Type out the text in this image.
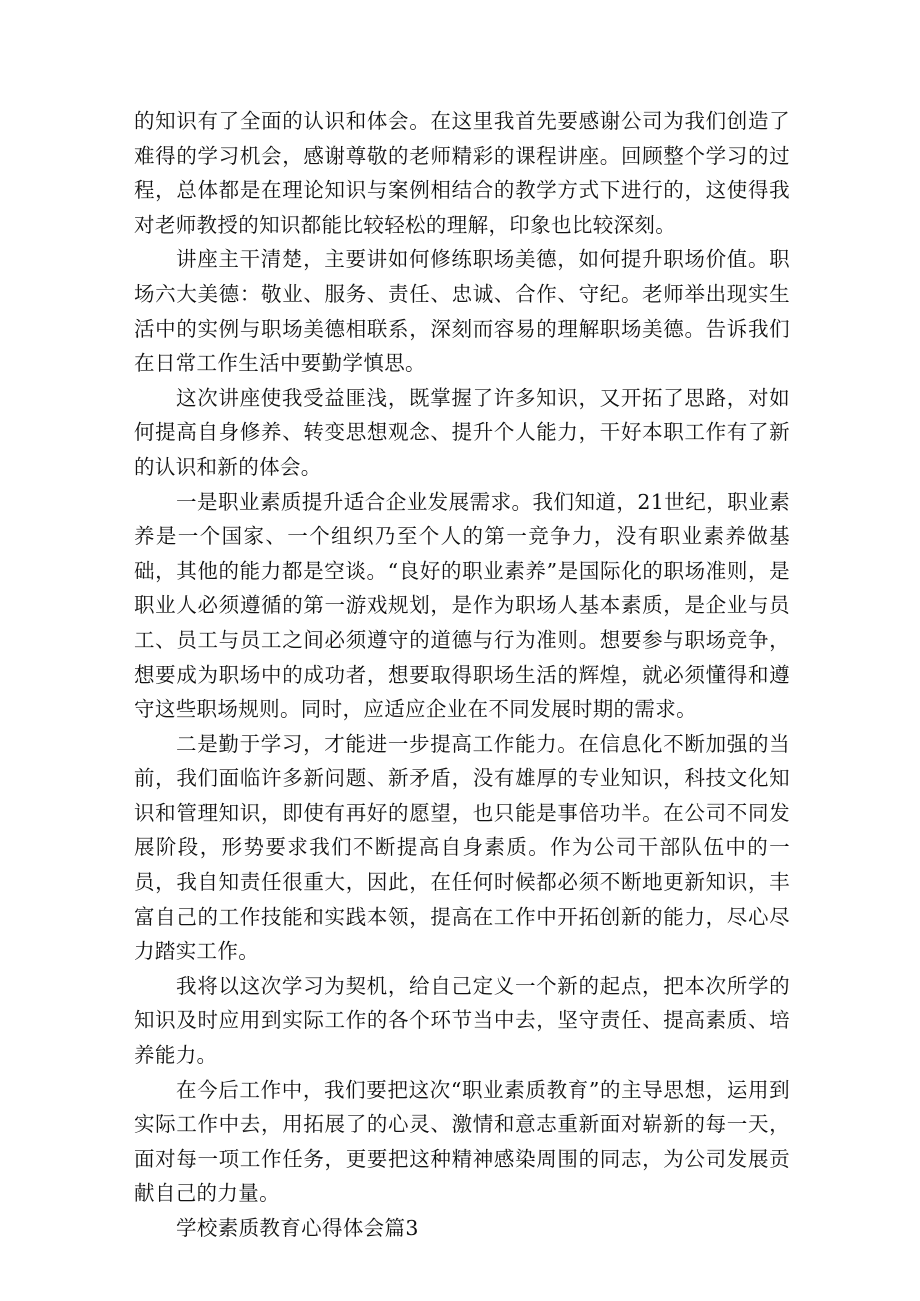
的知识有了全面的认识和体会。在这里我首先要感谢公司为我们创造了难得的学习机会，感谢尊敬的老师精彩的课程讲座。回顾整个学习的过程，总体都是在理论知识与案例相结合的教学方式下进行的，这使得我对老师教授的知识都能比较轻松的理解，印象也比较深刻。

讲座主干清楚，主要讲如何修练职场美德，如何提升职场价值。职场六大美德：敬业、服务、责任、忠诚、合作、守纪。老师举出现实生活中的实例与职场美德相联系，深刻而容易的理解职场美德。告诉我们在日常工作生活中要勤学慎思。

这次讲座使我受益匪浅，既掌握了许多知识，又开拓了思路，对如何提高自身修养、转变思想观念、提升个人能力，干好本职工作有了新的认识和新的体会。

一是职业素质提升适合企业发展需求。我们知道，21世纪，职业素养是一个国家、一个组织乃至个人的第一竞争力，没有职业素养做基础，其他的能力都是空谈。“良好的职业素养”是国际化的职场准则，是职业人必须遵循的第一游戏规划，是作为职场人基本素质，是企业与员工、员工与员工之间必须遵守的道德与行为准则。想要参与职场竞争，想要成为职场中的成功者，想要取得职场生活的辉煌，就必须懂得和遵守这些职场规则。同时，应适应企业在不同发展时期的需求。

二是勤于学习，才能进一步提高工作能力。在信息化不断加强的当前，我们面临许多新问题、新矛盾，没有雄厚的专业知识，科技文化知识和管理知识，即使有再好的愿望，也只能是事倍功半。在公司不同发展阶段，形势要求我们不断提高自身素质。作为公司干部队伍中的一员，我自知责任很重大，因此，在任何时候都必须不断地更新知识，丰富自己的工作技能和实践本领，提高在工作中开拓创新的能力，尽心尽力踏实工作。

我将以这次学习为契机，给自己定义一个新的起点，把本次所学的知识及时应用到实际工作的各个环节当中去，坚守责任、提高素质、培养能力。

在今后工作中，我们要把这次“职业素质教育”的主导思想，运用到实际工作中去，用拓展了的心灵、激情和意志重新面对崭新的每一天，面对每一项工作任务，更要把这种精神感染周围的同志，为公司发展贡献自己的力量。

学校素质教育心得体会篇3
